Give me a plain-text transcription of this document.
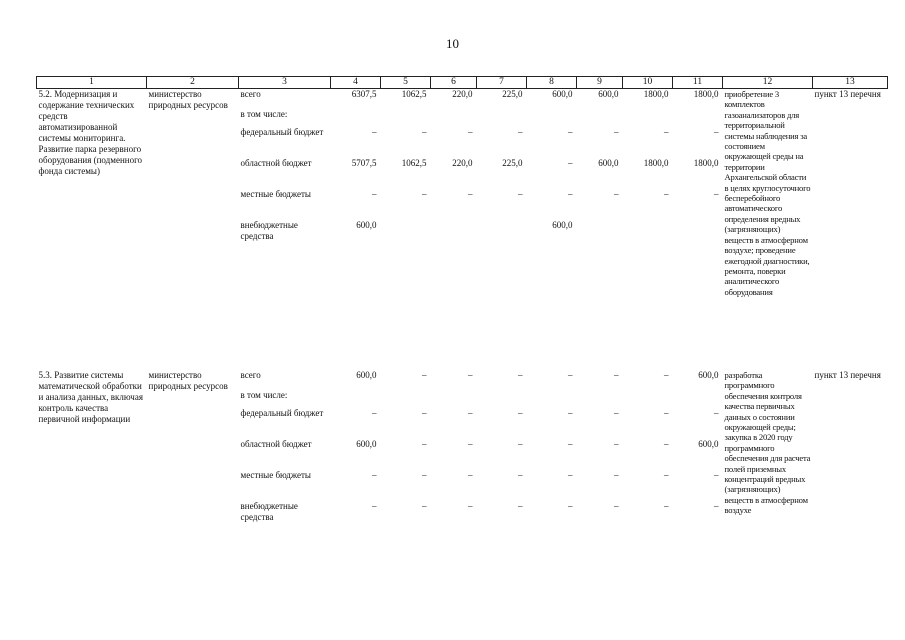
10
1	2	3	4	5	6	7	8	9	10	11	12	13
5.2. Модернизация и содержание технических средств автоматизированной системы мониторинга. Развитие парка резервного оборудования (подменного фонда системы)	министерство природных ресурсов	всего	6307,5	1062,5	220,0	225,0	600,0	600,0	1800,0	1800,0	приобретение 3 комплектов газоанализаторов для территориальной системы наблюдения за состоянием окружающей среды на территории Архангельской области в целях круглосуточного бесперебойного автоматического определения вредных (загрязняющих) веществ в атмосферном воздухе; проведение ежегодной диагностики, ремонта, поверки аналитического оборудования	пункт 13 перечня
		в том числе:										
		федеральный бюджет	–	–	–	–	–	–	–	–		
		областной бюджет	5707,5	1062,5	220,0	225,0	–	600,0	1800,0	1800,0		
		местные бюджеты	–	–	–	–	–	–	–	–		
		внебюджетные средства	600,0				600,0					
5.3. Развитие системы математической обработки и анализа данных, включая контроль качества первичной информации	министерство природных ресурсов	всего	600,0	–	–	–	–	–	–	600,0	разработка программного обеспечения контроля качества первичных данных о состоянии окружающей среды; закупка в 2020 году программного обеспечения для расчета полей приземных концентраций вредных (загрязняющих) веществ в атмосферном воздухе	пункт 13 перечня
		в том числе:										
		федеральный бюджет	–	–	–	–	–	–	–	–		
		областной бюджет	600,0	–	–	–	–	–	–	600,0		
		местные бюджеты	–	–	–	–	–	–	–	–		
		внебюджетные средства	–	–	–	–	–	–	–	–		
